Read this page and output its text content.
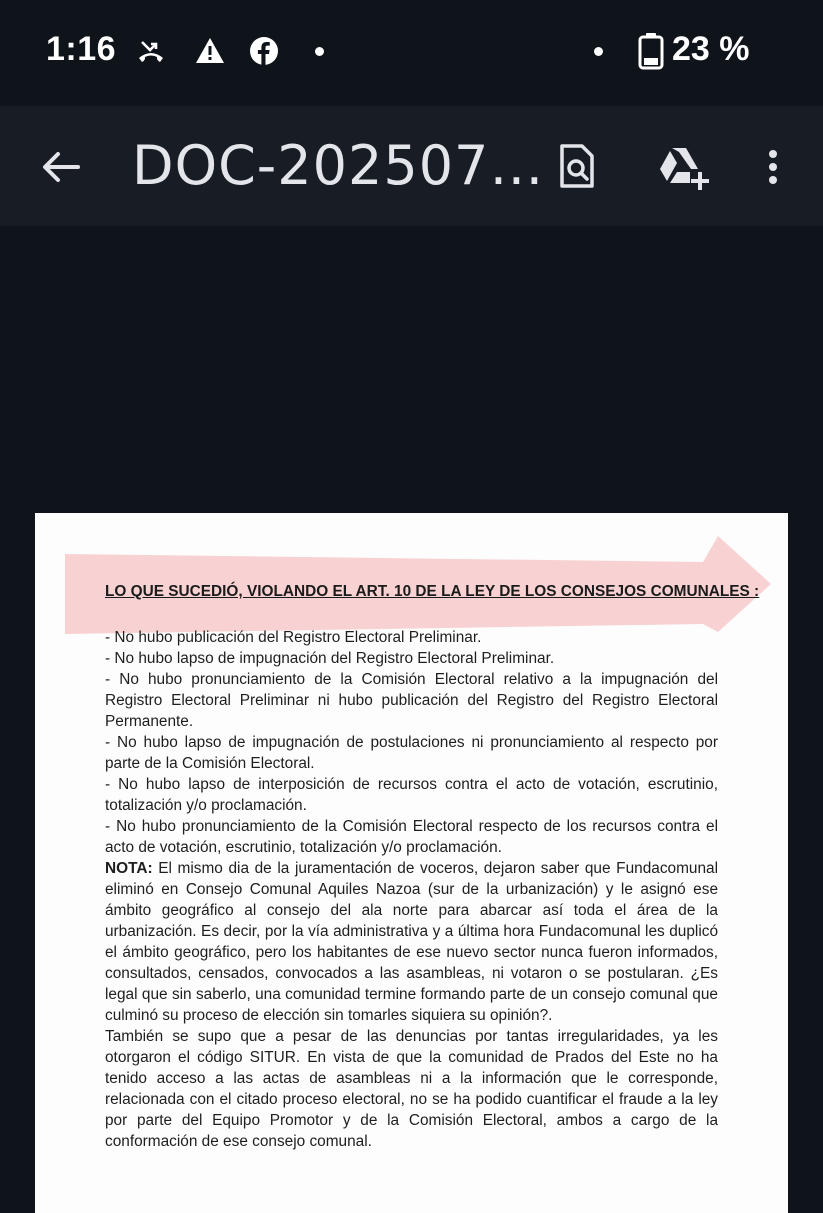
1:16	23 %
DOC-202507…
LO QUE SUCEDIÓ, VIOLANDO EL ART. 10 DE LA LEY DE LOS CONSEJOS COMUNALES :

- No hubo publicación del Registro Electoral Preliminar.

- No hubo lapso de impugnación del Registro Electoral Preliminar.

- No hubo pronunciamiento de la Comisión Electoral relativo a la impugnación del Registro Electoral Preliminar ni hubo publicación del Registro del Registro Electoral Permanente.

- No hubo lapso de impugnación de postulaciones ni pronunciamiento al respecto por parte de la Comisión Electoral.

- No hubo lapso de interposición de recursos contra el acto de votación, escrutinio, totalización y/o proclamación.

- No hubo pronunciamiento de la Comisión Electoral respecto de los recursos contra el acto de votación, escrutinio, totalización y/o proclamación.

NOTA: El mismo dia de la juramentación de voceros, dejaron saber que Fundacomunal eliminó en Consejo Comunal Aquiles Nazoa (sur de la urbanización) y le asignó ese ámbito geográfico al consejo del ala norte para abarcar así toda el área de la urbanización. Es decir, por la vía administrativa y a última hora Fundacomunal les duplicó el ámbito geográfico, pero los habitantes de ese nuevo sector nunca fueron informados, consultados, censados, convocados a las asambleas, ni votaron o se postularan. ¿Es legal que sin saberlo, una comunidad termine formando parte de un consejo comunal que culminó su proceso de elección sin tomarles siquiera su opinión?.

También se supo que a pesar de las denuncias por tantas irregularidades, ya les otorgaron el código SITUR. En vista de que la comunidad de Prados del Este no ha tenido acceso a las actas de asambleas ni a la información que le corresponde, relacionada con el citado proceso electoral, no se ha podido cuantificar el fraude a la ley por parte del Equipo Promotor y de la Comisión Electoral, ambos a cargo de la conformación de ese consejo comunal.
